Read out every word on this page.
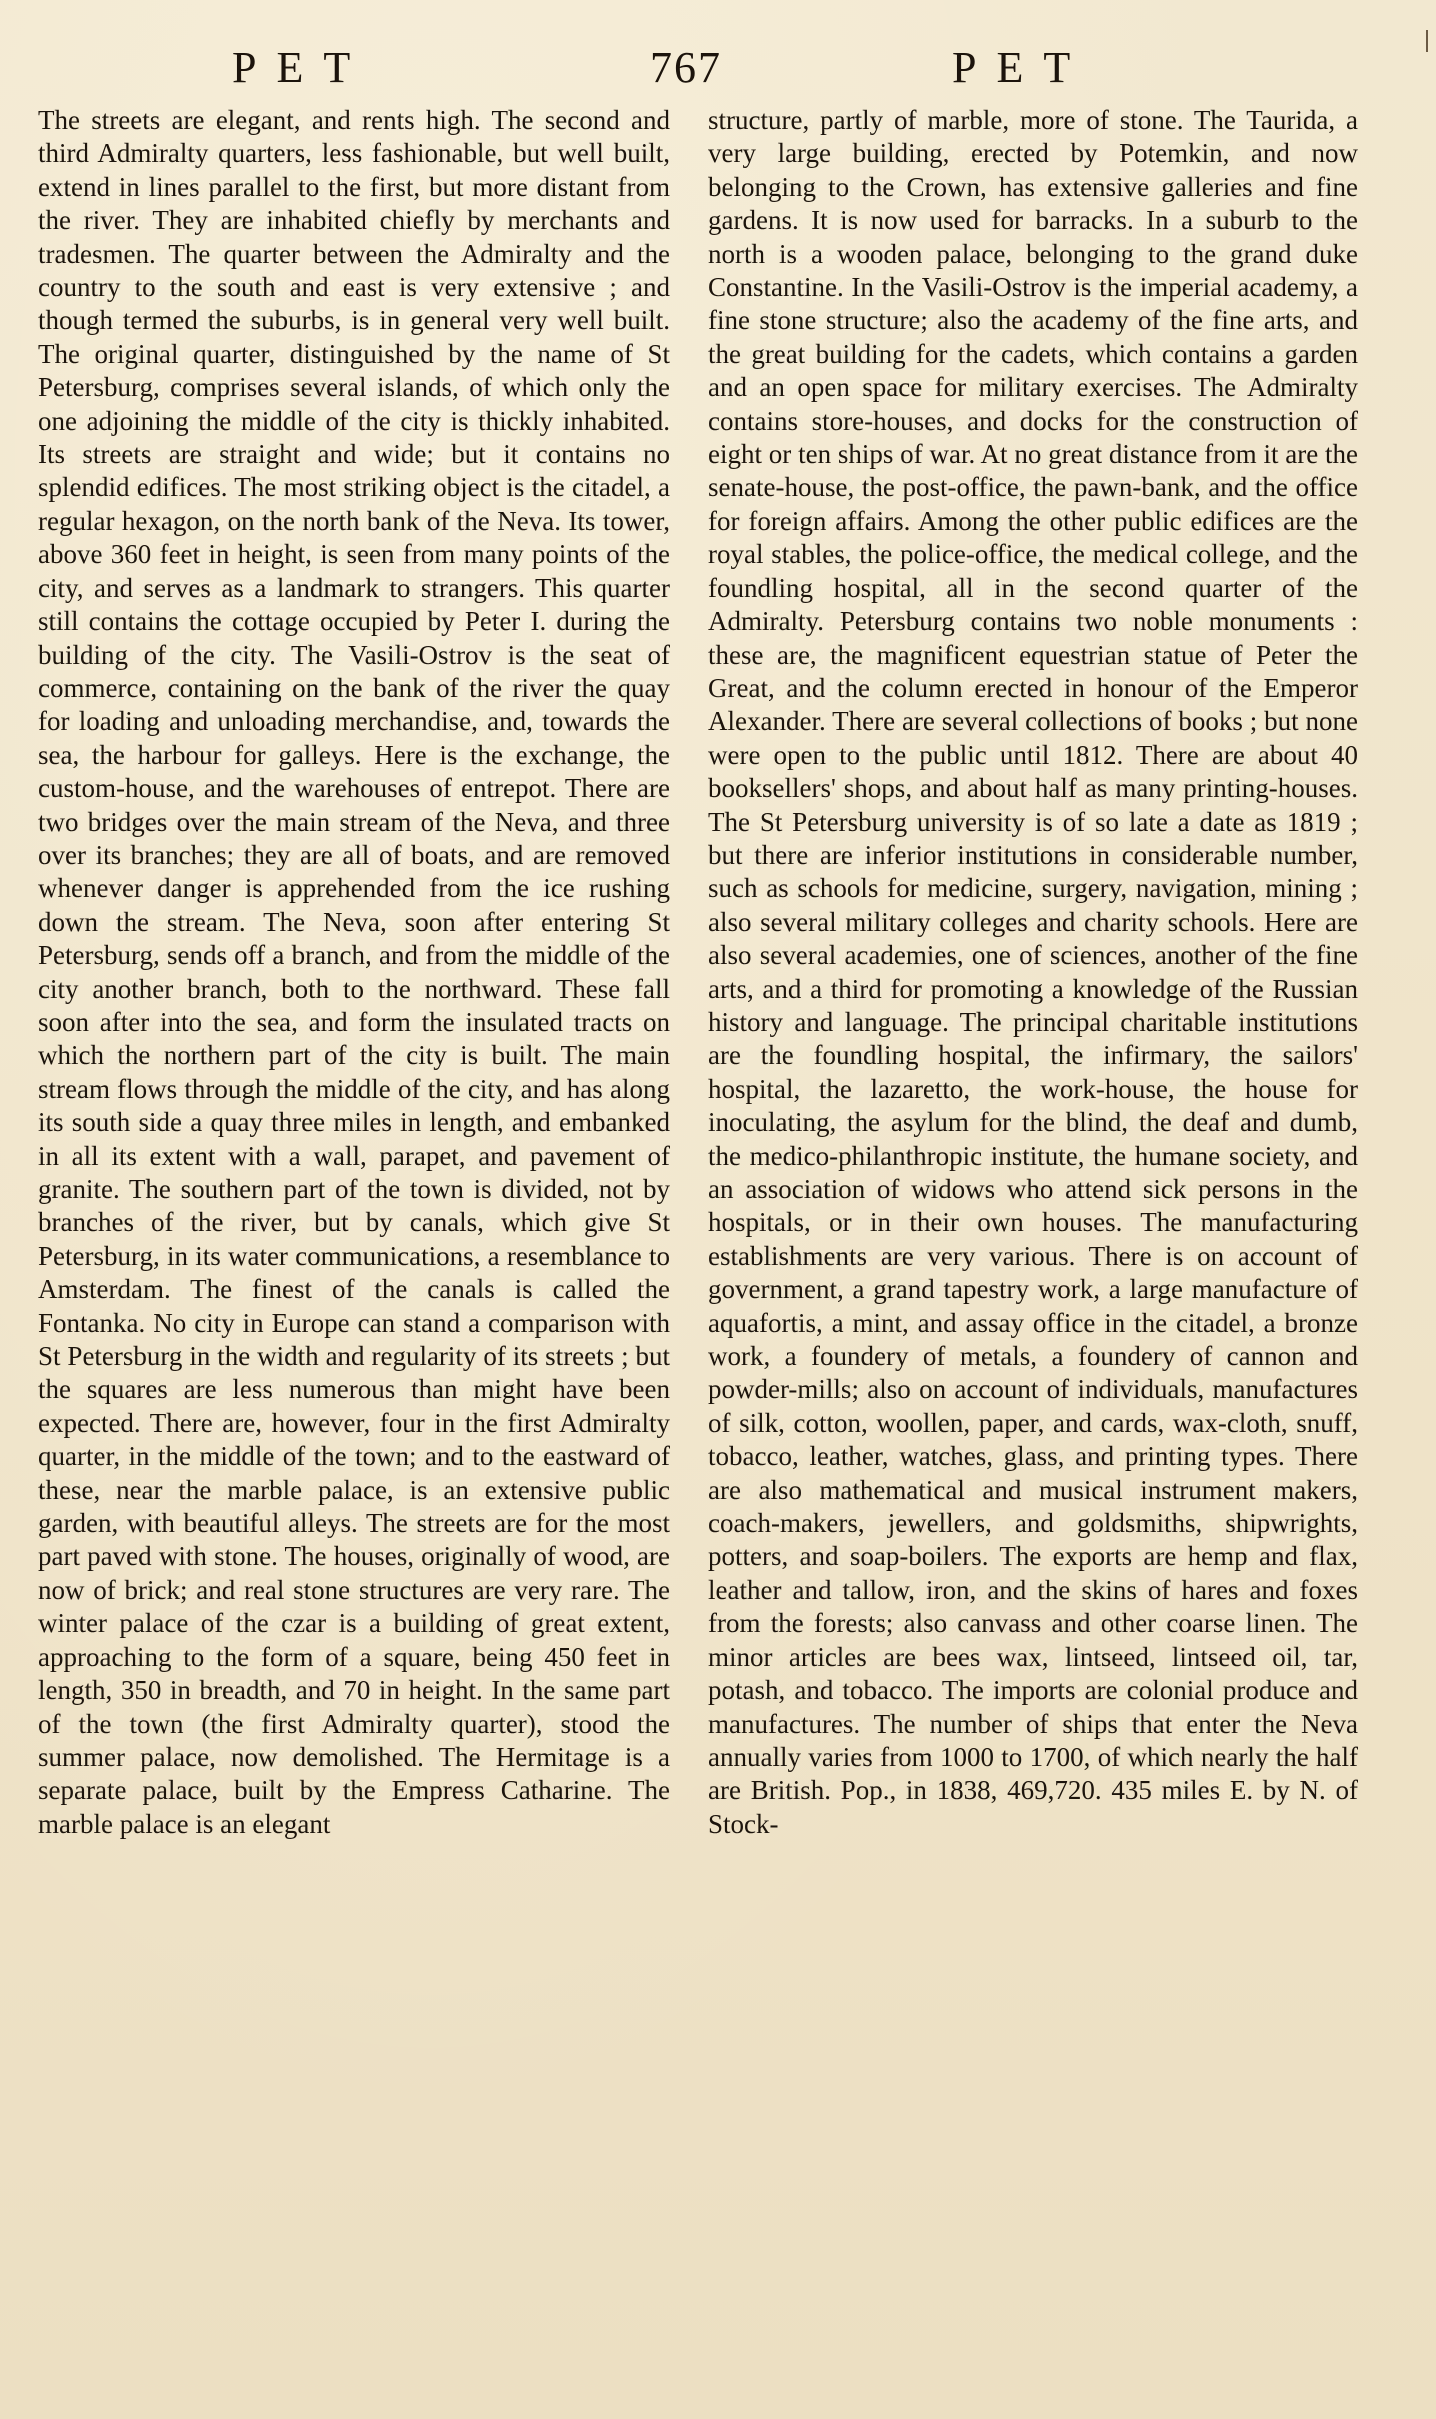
PET	767	PET

The streets are elegant, and rents high. The second and third Admiralty quarters, less fashionable, but well built, extend in lines parallel to the first, but more distant from the river. They are inhabited chiefly by merchants and tradesmen. The quarter between the Admiralty and the country to the south and east is very extensive ; and though termed the suburbs, is in general very well built. The original quarter, distinguished by the name of St Petersburg, comprises several islands, of which only the one adjoining the middle of the city is thickly inhabited. Its streets are straight and wide; but it contains no splendid edifices. The most striking object is the citadel, a regular hexagon, on the north bank of the Neva. Its tower, above 360 feet in height, is seen from many points of the city, and serves as a landmark to strangers. This quarter still contains the cottage occupied by Peter I. during the building of the city. The Vasili-Ostrov is the seat of commerce, containing on the bank of the river the quay for loading and unloading merchandise, and, towards the sea, the harbour for galleys. Here is the exchange, the custom-house, and the warehouses of entrepot. There are two bridges over the main stream of the Neva, and three over its branches; they are all of boats, and are removed whenever danger is apprehended from the ice rushing down the stream. The Neva, soon after entering St Petersburg, sends off a branch, and from the middle of the city another branch, both to the northward. These fall soon after into the sea, and form the insulated tracts on which the northern part of the city is built. The main stream flows through the middle of the city, and has along its south side a quay three miles in length, and embanked in all its extent with a wall, parapet, and pavement of granite. The southern part of the town is divided, not by branches of the river, but by canals, which give St Petersburg, in its water communications, a resemblance to Amsterdam. The finest of the canals is called the Fontanka. No city in Europe can stand a comparison with St Petersburg in the width and regularity of its streets ; but the squares are less numerous than might have been expected. There are, however, four in the first Admiralty quarter, in the middle of the town; and to the eastward of these, near the marble palace, is an extensive public garden, with beautiful alleys. The streets are for the most part paved with stone. The houses, originally of wood, are now of brick; and real stone structures are very rare. The winter palace of the czar is a building of great extent, approaching to the form of a square, being 450 feet in length, 350 in breadth, and 70 in height. In the same part of the town (the first Admiralty quarter), stood the summer palace, now demolished. The Hermitage is a separate palace, built by the Empress Catharine. The marble palace is an elegant

structure, partly of marble, more of stone. The Taurida, a very large building, erected by Potemkin, and now belonging to the Crown, has extensive galleries and fine gardens. It is now used for barracks. In a suburb to the north is a wooden palace, belonging to the grand duke Constantine. In the Vasili-Ostrov is the imperial academy, a fine stone structure; also the academy of the fine arts, and the great building for the cadets, which contains a garden and an open space for military exercises. The Admiralty contains store-houses, and docks for the construction of eight or ten ships of war. At no great distance from it are the senate-house, the post-office, the pawn-bank, and the office for foreign affairs. Among the other public edifices are the royal stables, the police-office, the medical college, and the foundling hospital, all in the second quarter of the Admiralty. Petersburg contains two noble monuments : these are, the magnificent equestrian statue of Peter the Great, and the column erected in honour of the Emperor Alexander. There are several collections of books ; but none were open to the public until 1812. There are about 40 booksellers' shops, and about half as many printing-houses. The St Petersburg university is of so late a date as 1819 ; but there are inferior institutions in considerable number, such as schools for medicine, surgery, navigation, mining ; also several military colleges and charity schools. Here are also several academies, one of sciences, another of the fine arts, and a third for promoting a knowledge of the Russian history and language. The principal charitable institutions are the foundling hospital, the infirmary, the sailors' hospital, the lazaretto, the work-house, the house for inoculating, the asylum for the blind, the deaf and dumb, the medico-philanthropic institute, the humane society, and an association of widows who attend sick persons in the hospitals, or in their own houses. The manufacturing establishments are very various. There is on account of government, a grand tapestry work, a large manufacture of aquafortis, a mint, and assay office in the citadel, a bronze work, a foundery of metals, a foundery of cannon and powder-mills; also on account of individuals, manufactures of silk, cotton, woollen, paper, and cards, wax-cloth, snuff, tobacco, leather, watches, glass, and printing types. There are also mathematical and musical instrument makers, coach-makers, jewellers, and goldsmiths, shipwrights, potters, and soap-boilers. The exports are hemp and flax, leather and tallow, iron, and the skins of hares and foxes from the forests; also canvass and other coarse linen. The minor articles are bees wax, lintseed, lintseed oil, tar, potash, and tobacco. The imports are colonial produce and manufactures. The number of ships that enter the Neva annually varies from 1000 to 1700, of which nearly the half are British. Pop., in 1838, 469,720. 435 miles E. by N. of Stock-
